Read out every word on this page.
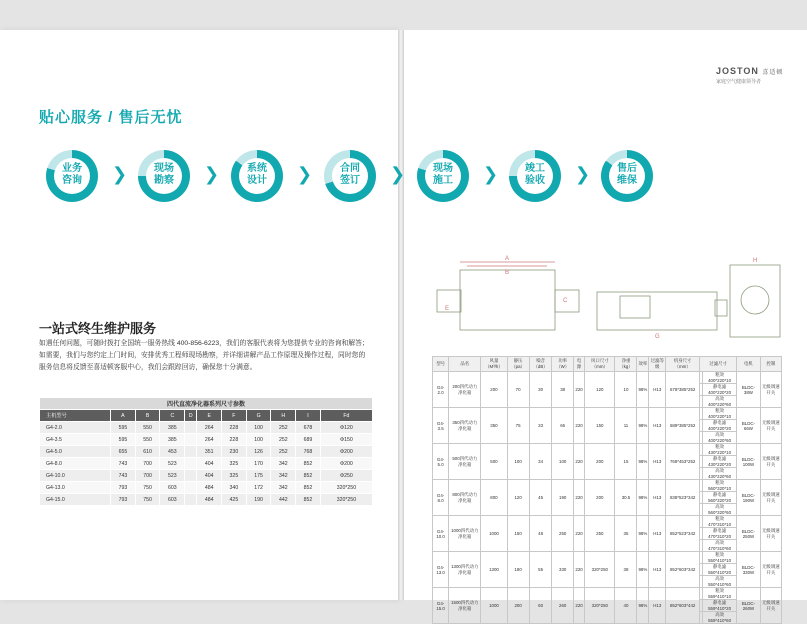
贴心服务 / 售后无忧
业务
咨询	❯	现场
勘察	❯	系统
设计	❯	合同
签订	❯	现场
施工	❯	竣工
验收	❯	售后
维保
一站式终生维护服务
如遇任何问题，可随时拨打全国统一服务热线 400-856-6223，我们的客服代表将为您提供专业的咨询和解答；如需要，我们与您约定上门时间，安排优秀工程师现场勘察，并详细讲解产品工作原理及操作过程，同时您的服务信息将反馈至喜适顿客服中心，我们会跟踪回访，确保您十分满意。
四代直流净化器系列尺寸参数										
主机型号	A	B	C	D	E	F	G	H	I	Fd
G4-2.0	595	550	385		264	228	100	252	678	Φ120
G4-3.5	595	550	385		264	228	100	252	689	Φ150
G4-5.0	655	610	453		351	230	126	252	768	Φ200
G4-8.0	743	700	523		404	325	170	342	852	Φ200
G4-10.0	743	700	523		404	325	175	342	852	Φ250
G4-13.0	793	750	603		484	340	172	342	852	320*250
G4-15.0	793	750	603		484	425	190	442	852	320*250
JOSTON 喜适顿
家庭空气健康领导者
A
B
C
E
G
H
型号	品名	风量（M³/h）	静压（pa）	噪音（dB）	功率（W）	电源	风口尺寸（mm）	净重（kg）	效率	过滤等级	机身尺寸（mm）	过滤尺寸		电机	控制
G4-2.0	200四代动力净化箱	200	70	30	38	220	120	10	98%	H13	678*385*252		粗效400*220*10	BLDC-38W	无级调速开关
													静电滤400*220*20		
													高效400*220*60		
G4-3.5	350四代动力净化箱	350	75	33	66	220	150	11	98%	H13	689*385*252		粗效400*220*10	BLDC-66W	无级调速开关
													静电滤400*220*20		
													高效400*220*60		
G4-5.0	500四代动力净化箱	500	100	34	100	220	200	15	98%	H13	768*453*252		粗效430*220*10	BLDC-100W	无级调速开关
													静电滤430*220*20		
													高效430*220*60		
G4-8.0	800四代动力净化箱	800	120	45	190	220	200	30.5	98%	H13	838*523*342		粗效560*320*10	BLDC-190W	无级调速开关
													静电滤560*320*20		
													高效560*320*60		
G4-10.0	1000四代动力净化箱	1000	150	48	250	220	250	35	98%	H13	852*523*342		粗效470*310*10	BLDC-250W	无级调速开关
													静电滤470*310*20		
													高效470*310*60		
G4-13.0	1300四代动力净化箱	1300	180	55	330	220	320*250	38	98%	H13	852*603*342		粗效550*410*10	BLDC-330W	无级调速开关
													静电滤550*410*20		
													高效550*410*60		
G4-15.0	1500四代动力净化箱	1000	200	60	260	220	320*250	40	98%	H13	852*603*442		粗效559*410*10	BLDC-260W	无级调速开关
													静电滤559*410*20		
													高效559*410*60		
